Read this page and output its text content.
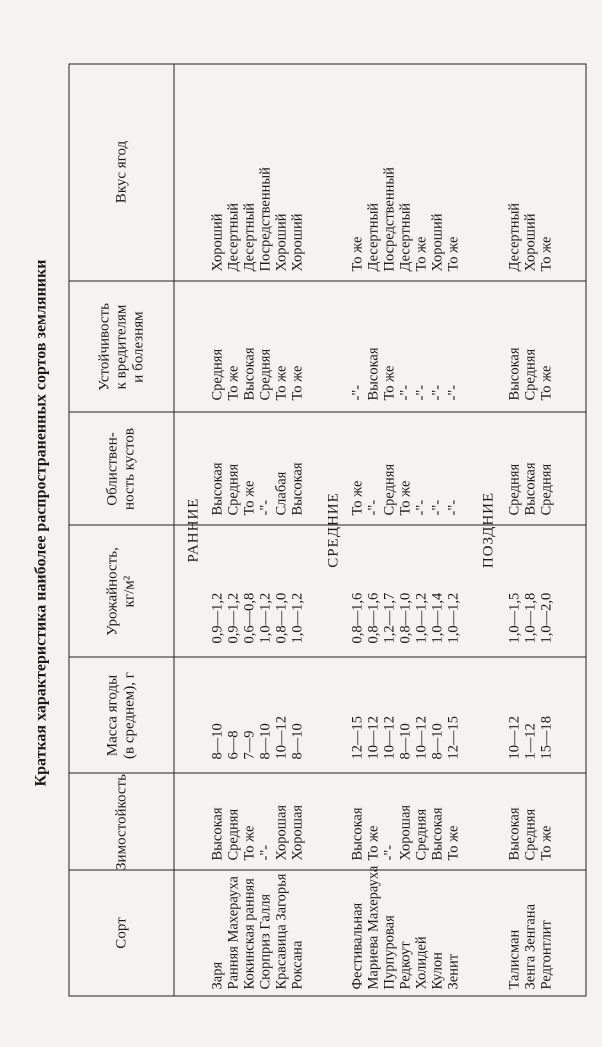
Краткая характеристика наиболее распространенных сортов земляники
Сорт
Зимостойкость
Масса ягоды (в среднем), г
Урожайность, кг/м²
Облиствен- ность кустов
Устойчивость к вредителям и болезням
Вкус ягод
РАННИЕ
Заря Ранняя Махерауха Кокинская ранняя Сюрприз Галля Красавица Загорья Роксана
Высокая Средняя То же -"- Хорошая Хорошая
8—10 6—8 7—9 8—10 10—12 8—10
0,9—1,2 0,9—1,2 0,6—0,8 1,0—1,2 0,8—1,0 1,0—1,2
Высокая Средняя То же -"- Слабая Высокая
Средняя То же Высокая Средняя То же То же
Хороший Десертный Десертный Посредственный Хороший Хороший
СРЕДНИЕ
Фестивальная Мариева Махерауха Пурпуровая Редкоут Холидей Кулон Зенит
Высокая То же -"- Хорошая Средняя Высокая То же
12—15 10—12 10—12 8—10 10—12 8—10 12—15
0,8—1,6 0,8—1,6 1,2—1,7 0,8—1,0 1,0—1,2 1,0—1,4 1,0—1,2
То же -"- Средняя То же -"- -"- -"-
-"- Высокая То же -"- -"- -"- -"-
То же Десертный Посредственный Десертный То же Хороший То же
ПОЗДНИЕ
Талисман Зенга Зенгана Редгонтлит
Высокая Средняя То же
10—12 1—12 15—18
1,0—1,5 1,0—1,8 1,0—2,0
Средняя Высокая Средняя
Высокая Средняя То же
Десертный Хороший То же
